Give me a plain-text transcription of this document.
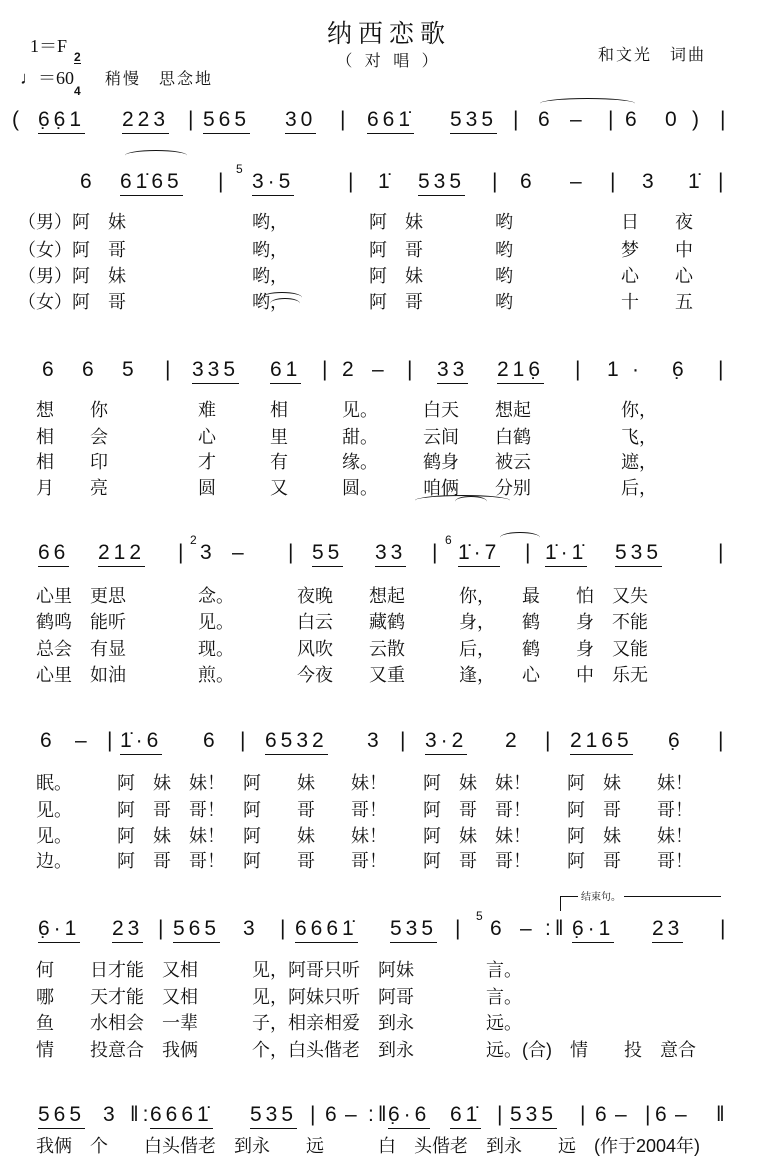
纳西恋歌
（ 对 唱 ）
1＝F

2

4

♩＝60 稍慢　思念地
和文光　词曲
结束句。
( 6̣6̣1 223 | 565 30 | 661̇ 535 | 6 – | 6 0 ) |
6 61̇65 |
5
3·5	| 1̇ 535 | 6 – | 3 1̇ |
（男）阿　妹　　　　　　　哟，　　　　　阿　妹　　　　哟　　　　　　日　　夜
（女）阿　哥　　　　　　　哟，　　　　　阿　哥　　　　哟　　　　　　梦　　中
（男）阿　妹　　　　　　　哟，　　　　　阿　妹　　　　哟　　　　　　心　　心
（女）阿　哥　　　　　　　哟，　　　　　阿　哥　　　　哟　　　　　　十　　五
6 6 5 | 335 61 | 2 – | 33 216̣ | 1 · 6̣ |
　想　　你　　　　　难　　　相　　　见。　　　白天　　想起　　　　　你，
　相　　会　　　　　心　　　里　　　甜。　　　云间　　白鹤　　　　　飞，
　相　　印　　　　　才　　　有　　　缘。　　　鹤身　　被云　　　　　遮，
　月　　亮　　　　　圆　　　又　　　圆。　　　咱俩　　分别　　　　　后，
66 212 |
2
3 – | 55 33 |
6
1̇·7 | 1̇·1̇ 535	|
　心里　更思　　　　念。　　　　夜晚　　想起　　　你，　　最　　怕　又失
　鹤鸣　能听　　　　见。　　　　白云　　藏鹤　　　身，　　鹤　　身　不能
　总会　有显　　　　现。　　　　风吹　　云散　　　后，　　鹤　　身　又能
　心里　如油　　　　煎。　　　　今夜　　又重　　　逢，　　心　　中　乐无
6 – | 1̇·6 6 | 6532 3 | 3·2 2 | 2165 6̣ |
　眠。　　　阿　妹　妹！　阿　　妹　　妹！　　阿　妹　妹！　　阿　妹　　妹！
　见。　　　阿　哥　哥！　阿　　哥　　哥！　　阿　哥　哥！　　阿　哥　　哥！
　见。　　　阿　妹　妹！　阿　　妹　　妹！　　阿　妹　妹！　　阿　妹　　妹！
　边。　　　阿　哥　哥！　阿　　哥　　哥！　　阿　哥　哥！　　阿　哥　　哥！
6̣·1 23 | 565 3 | 6661̇ 535 |
5
6 – :‖ 6̣·1 23 |
　何　　日才能　又相　　　见，阿哥只听　阿妹　　　　言。
　哪　　天才能　又相　　　见，阿妹只听　阿哥　　　　言。
　鱼　　水相会　一辈　　　子，相亲相爱　到永　　　　远。
　情　　投意合　我俩　　　个，白头偕老　到永　　　　远。(合)　情　　投　意合
565 3 ‖:
6661̇ 535 | 6 – :‖
6̣·6 61̇ | 535 | 6 – | 6 – ‖
　我俩　个　　白头偕老　到永　　远　　　白　头偕老　到永　　远　(作于2004年)
